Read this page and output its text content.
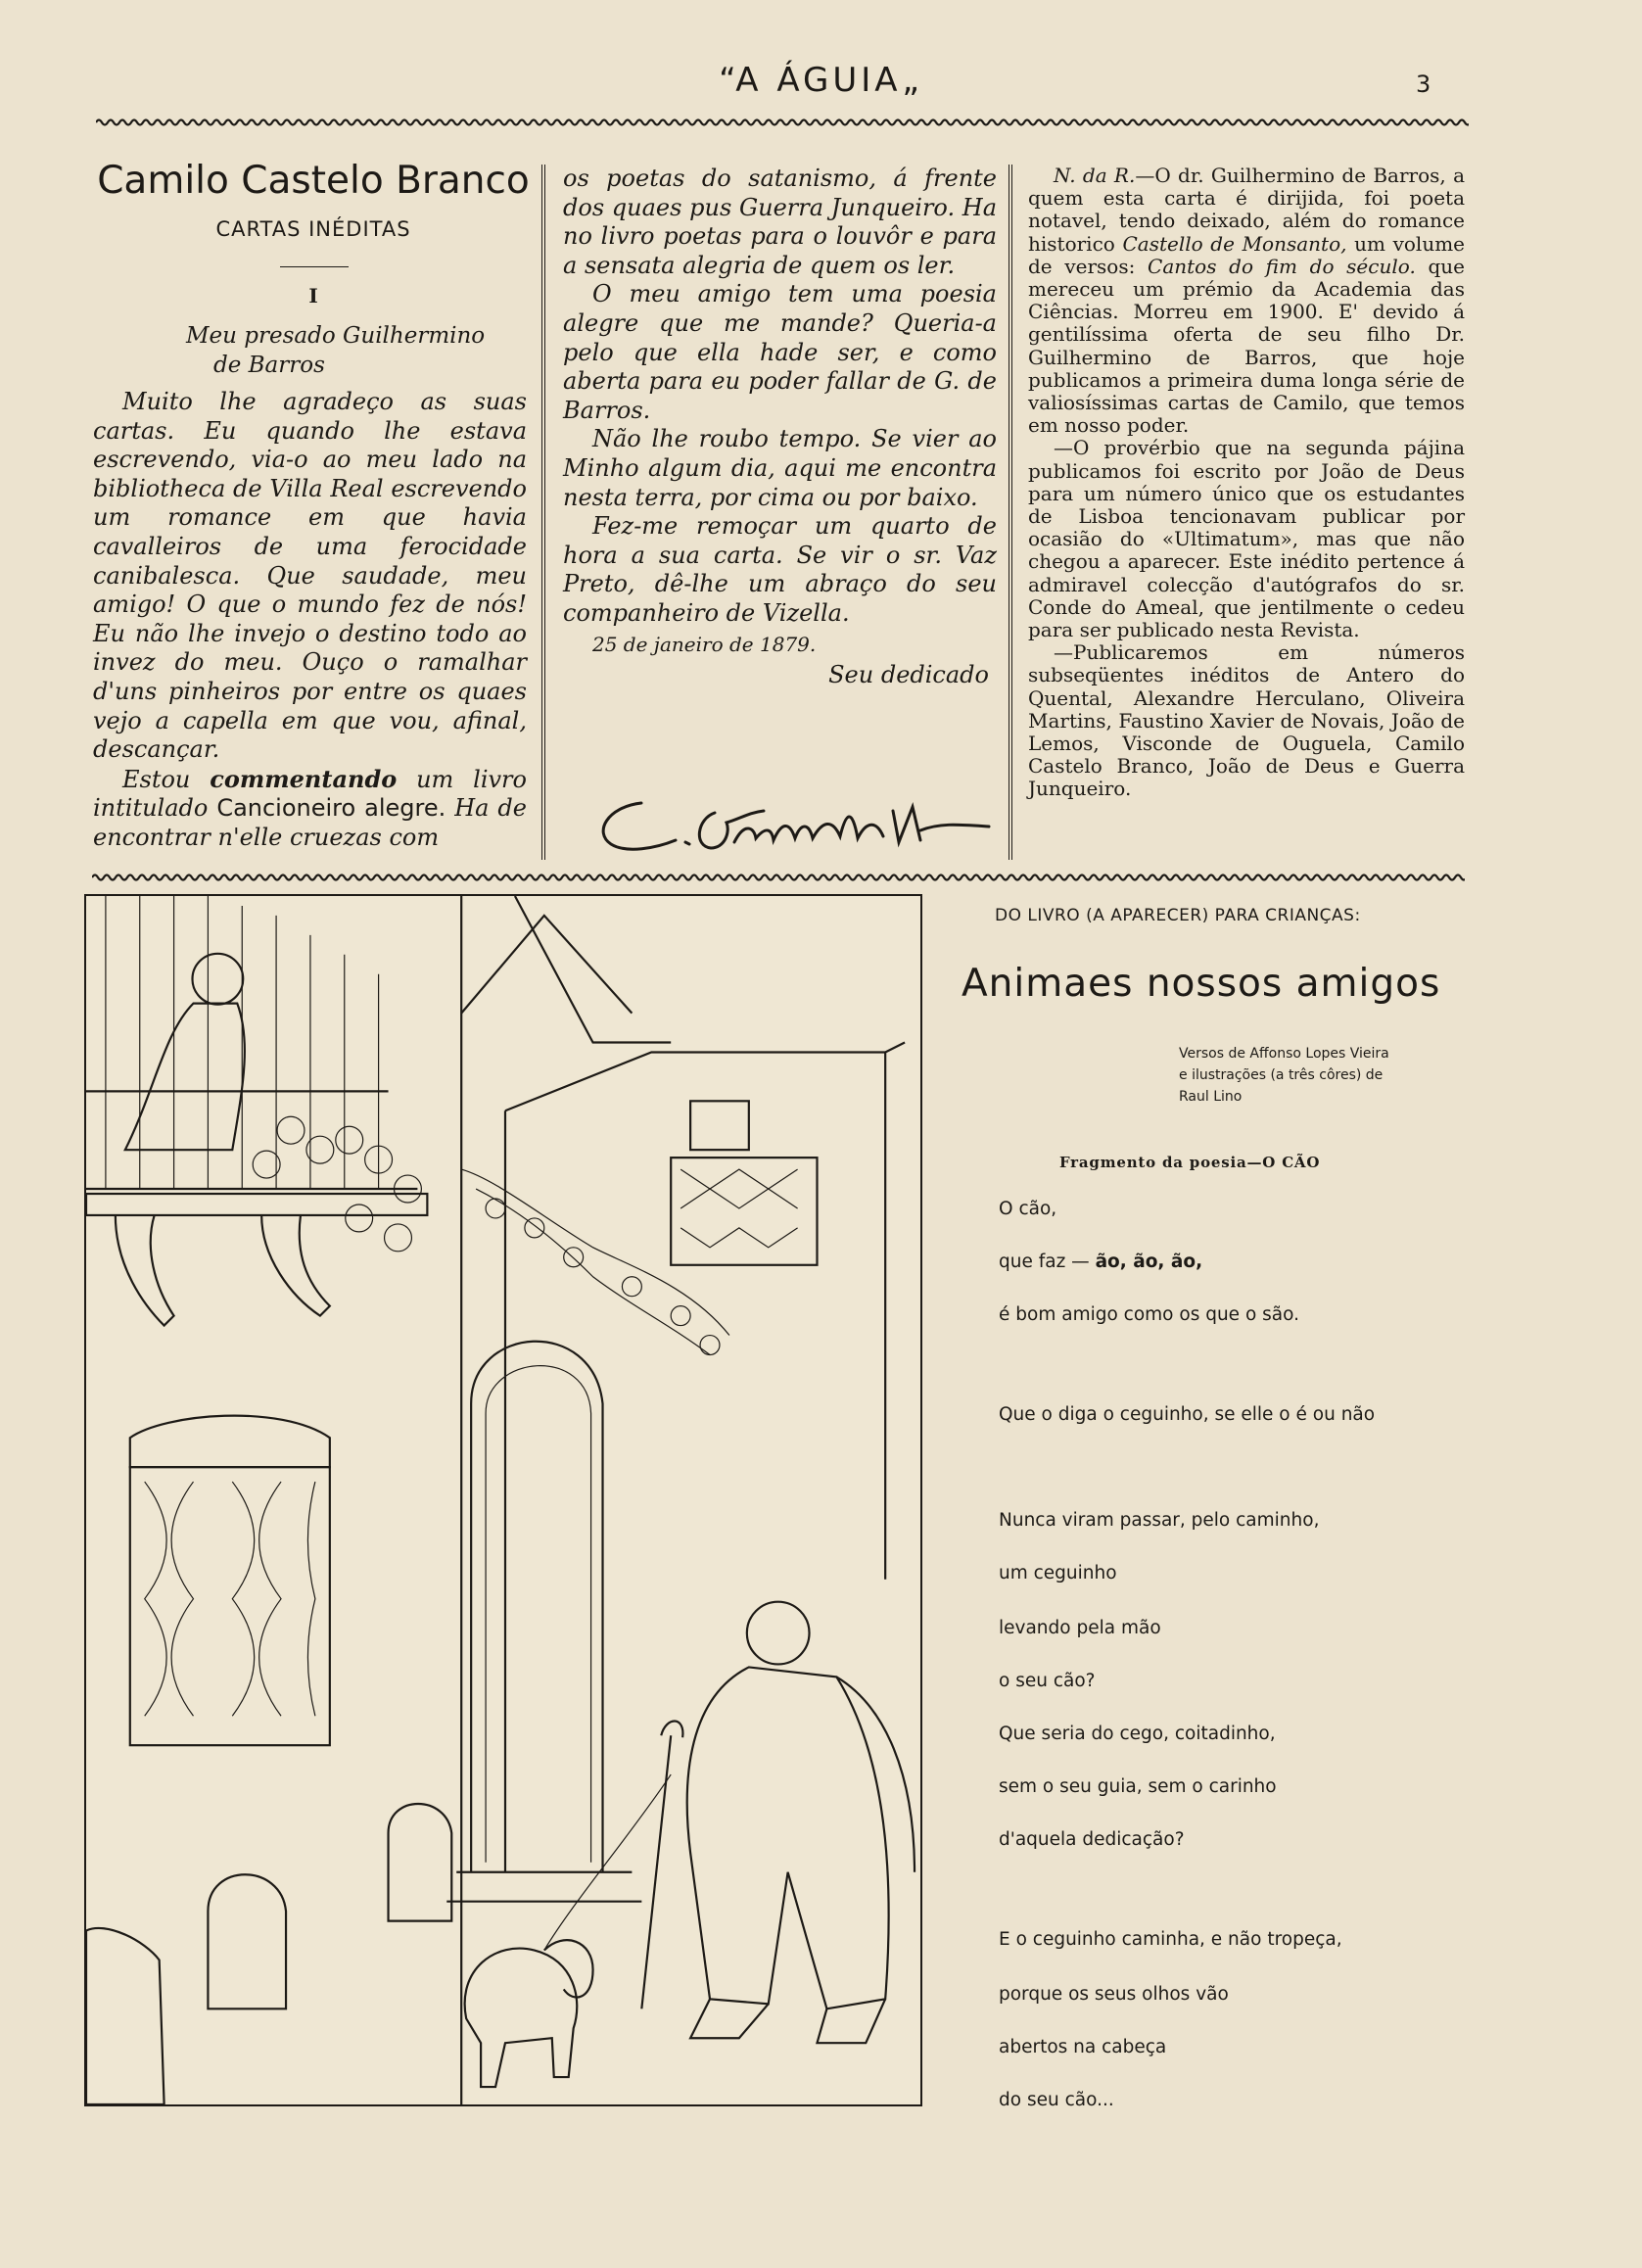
“A ÁGUIA„	3
Camilo Castelo Branco
CARTAS INÉDITAS
I
Meu presado Guilhermino
de Barros

Muito lhe agradeço as suas cartas. Eu quando lhe estava escrevendo, via-o ao meu lado na bibliotheca de Villa Real escrevendo um romance em que havia cavalleiros de uma ferocidade canibalesca. Que saudade, meu amigo! O que o mundo fez de nós! Eu não lhe invejo o destino todo ao invez do meu. Ouço o ramalhar d'uns pinheiros por entre os quaes vejo a capella em que vou, afinal, descançar.

Estou commentando um livro intitulado Cancioneiro alegre. Ha de encontrar n'elle cruezas com

os poetas do satanismo, á frente dos quaes pus Guerra Junqueiro. Ha no livro poetas para o louvôr e para a sensata alegria de quem os ler.

O meu amigo tem uma poesia alegre que me mande? Queria-a pelo que ella hade ser, e como aberta para eu poder fallar de G. de Barros.

Não lhe roubo tempo. Se vier ao Minho algum dia, aqui me encontra nesta terra, por cima ou por baixo.

Fez-me remoçar um quarto de hora a sua carta. Se vir o sr. Vaz Preto, dê-lhe um abraço do seu companheiro de Vizella.

25 de janeiro de 1879.

Seu dedicado

N. da R.—O dr. Guilhermino de Barros, a quem esta carta é dirijida, foi poeta notavel, tendo deixado, além do romance historico Castello de Monsanto, um volume de versos: Cantos do fim do século. que mereceu um prémio da Academia das Ciências. Morreu em 1900. E' devido á gentilíssima oferta de seu filho Dr. Guilhermino de Barros, que hoje publicamos a primeira duma longa série de valiosíssimas cartas de Camilo, que temos em nosso poder.

—O provérbio que na segunda pájina publicamos foi escrito por João de Deus para um número único que os estudantes de Lisboa tencionavam publicar por ocasião do «Ultimatum», mas que não chegou a aparecer. Este inédito pertence á admiravel colecção d'autógrafos do sr. Conde do Ameal, que jentilmente o cedeu para ser publicado nesta Revista.

—Publicaremos em números subseqüentes inéditos de Antero do Quental, Alexandre Herculano, Oliveira Martins, Faustino Xavier de Novais, João de Lemos, Visconde de Ouguela, Camilo Castelo Branco, João de Deus e Guerra Junqueiro.

DO LIVRO (A APARECER) PARA CRIANÇAS:
Animaes nossos amigos
Versos de Affonso Lopes Vieira
e ilustrações (a três côres) de
Raul Lino
Fragmento da poesia—O CÃO
O cão,
que faz — ão, ão, ão,
é bom amigo como os que o são.
Que o diga o ceguinho, se elle o é ou não
Nunca viram passar, pelo caminho,
um ceguinho
levando pela mão
o seu cão?
Que seria do cego, coitadinho,
sem o seu guia, sem o carinho
d'aquela dedicação?
E o ceguinho caminha, e não tropeça,
porque os seus olhos vão
abertos na cabeça
do seu cão...
